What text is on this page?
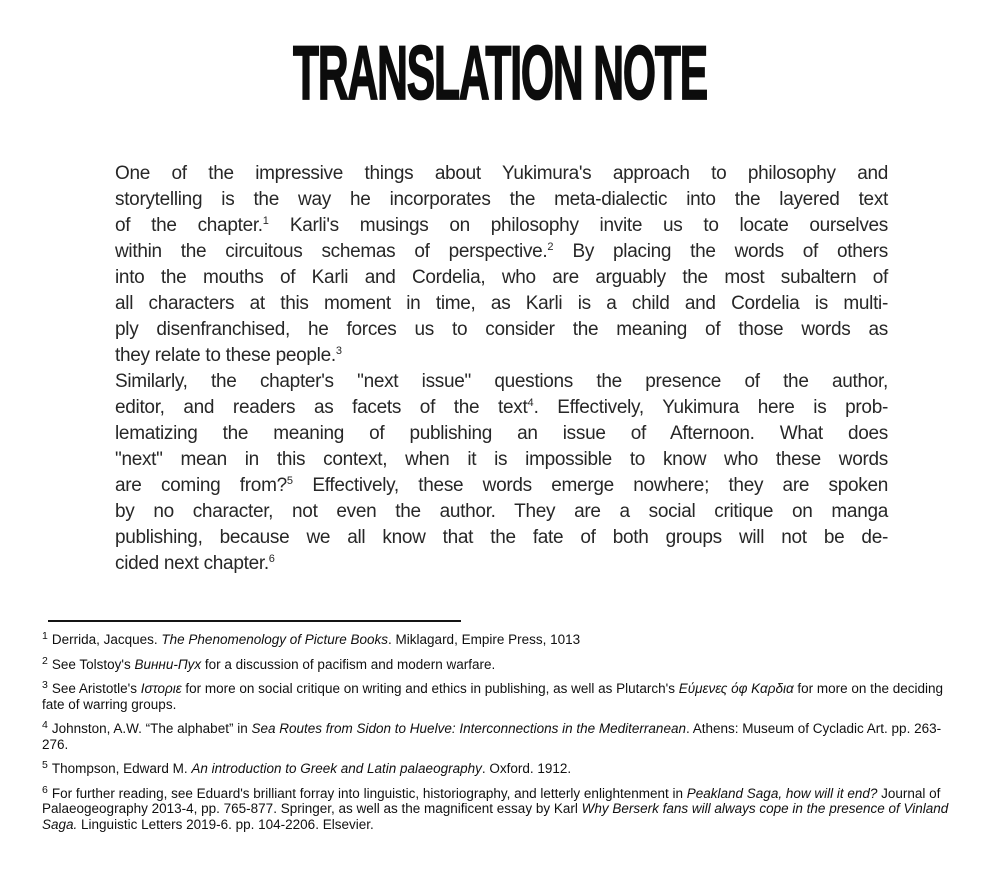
TRANSLATION NOTE
One of the impressive things about Yukimura's approach to philosophy and
storytelling is the way he incorporates the meta-dialectic into the layered text
of the chapter.$^1$ Karli's musings on philosophy invite us to locate ourselves
within the circuitous schemas of perspective.$^2$ By placing the words of others
into the mouths of Karli and Cordelia, who are arguably the most subaltern of
all characters at this moment in time, as Karli is a child and Cordelia is multi-
ply disenfranchised, he forces us to consider the meaning of those words as
they relate to these people.$^3$
Similarly, the chapter's "next issue" questions the presence of the author,
editor, and readers as facets of the text$^4$. Effectively, Yukimura here is prob-
lematizing the meaning of publishing an issue of Afternoon. What does
"next" mean in this context, when it is impossible to know who these words
are coming from?$^5$ Effectively, these words emerge nowhere; they are spoken
by no character, not even the author. They are a social critique on manga
publishing, because we all know that the fate of both groups will not be de-
cided next chapter.$^6$
$^1$ Derrida, Jacques. The Phenomenology of Picture Books. Miklagard, Empire Press, 1013
$^2$ See Tolstoy's Винни-Пух for a discussion of pacifism and modern warfare.
$^3$ See Aristotle's Ιστοριε for more on social critique on writing and ethics in publishing, as well as Plutarch's Εύμενες όφ Καρδια for more on the deciding fate of warring groups.
$^4$ Johnston, A.W. “The alphabet” in Sea Routes from Sidon to Huelve: Interconnections in the Mediterranean. Athens: Museum of Cycladic Art. pp. 263-276.
$^5$ Thompson, Edward M. An introduction to Greek and Latin palaeography. Oxford. 1912.
$^6$ For further reading, see Eduard's brilliant forray into linguistic, historiography, and letterly enlightenment in Peakland Saga, how will it end? Journal of Palaeogeography 2013-4, pp. 765-877. Springer, as well as the magnificent essay by Karl Why Berserk fans will always cope in the presence of Vinland Saga. Linguistic Letters 2019-6. pp. 104-2206. Elsevier.
